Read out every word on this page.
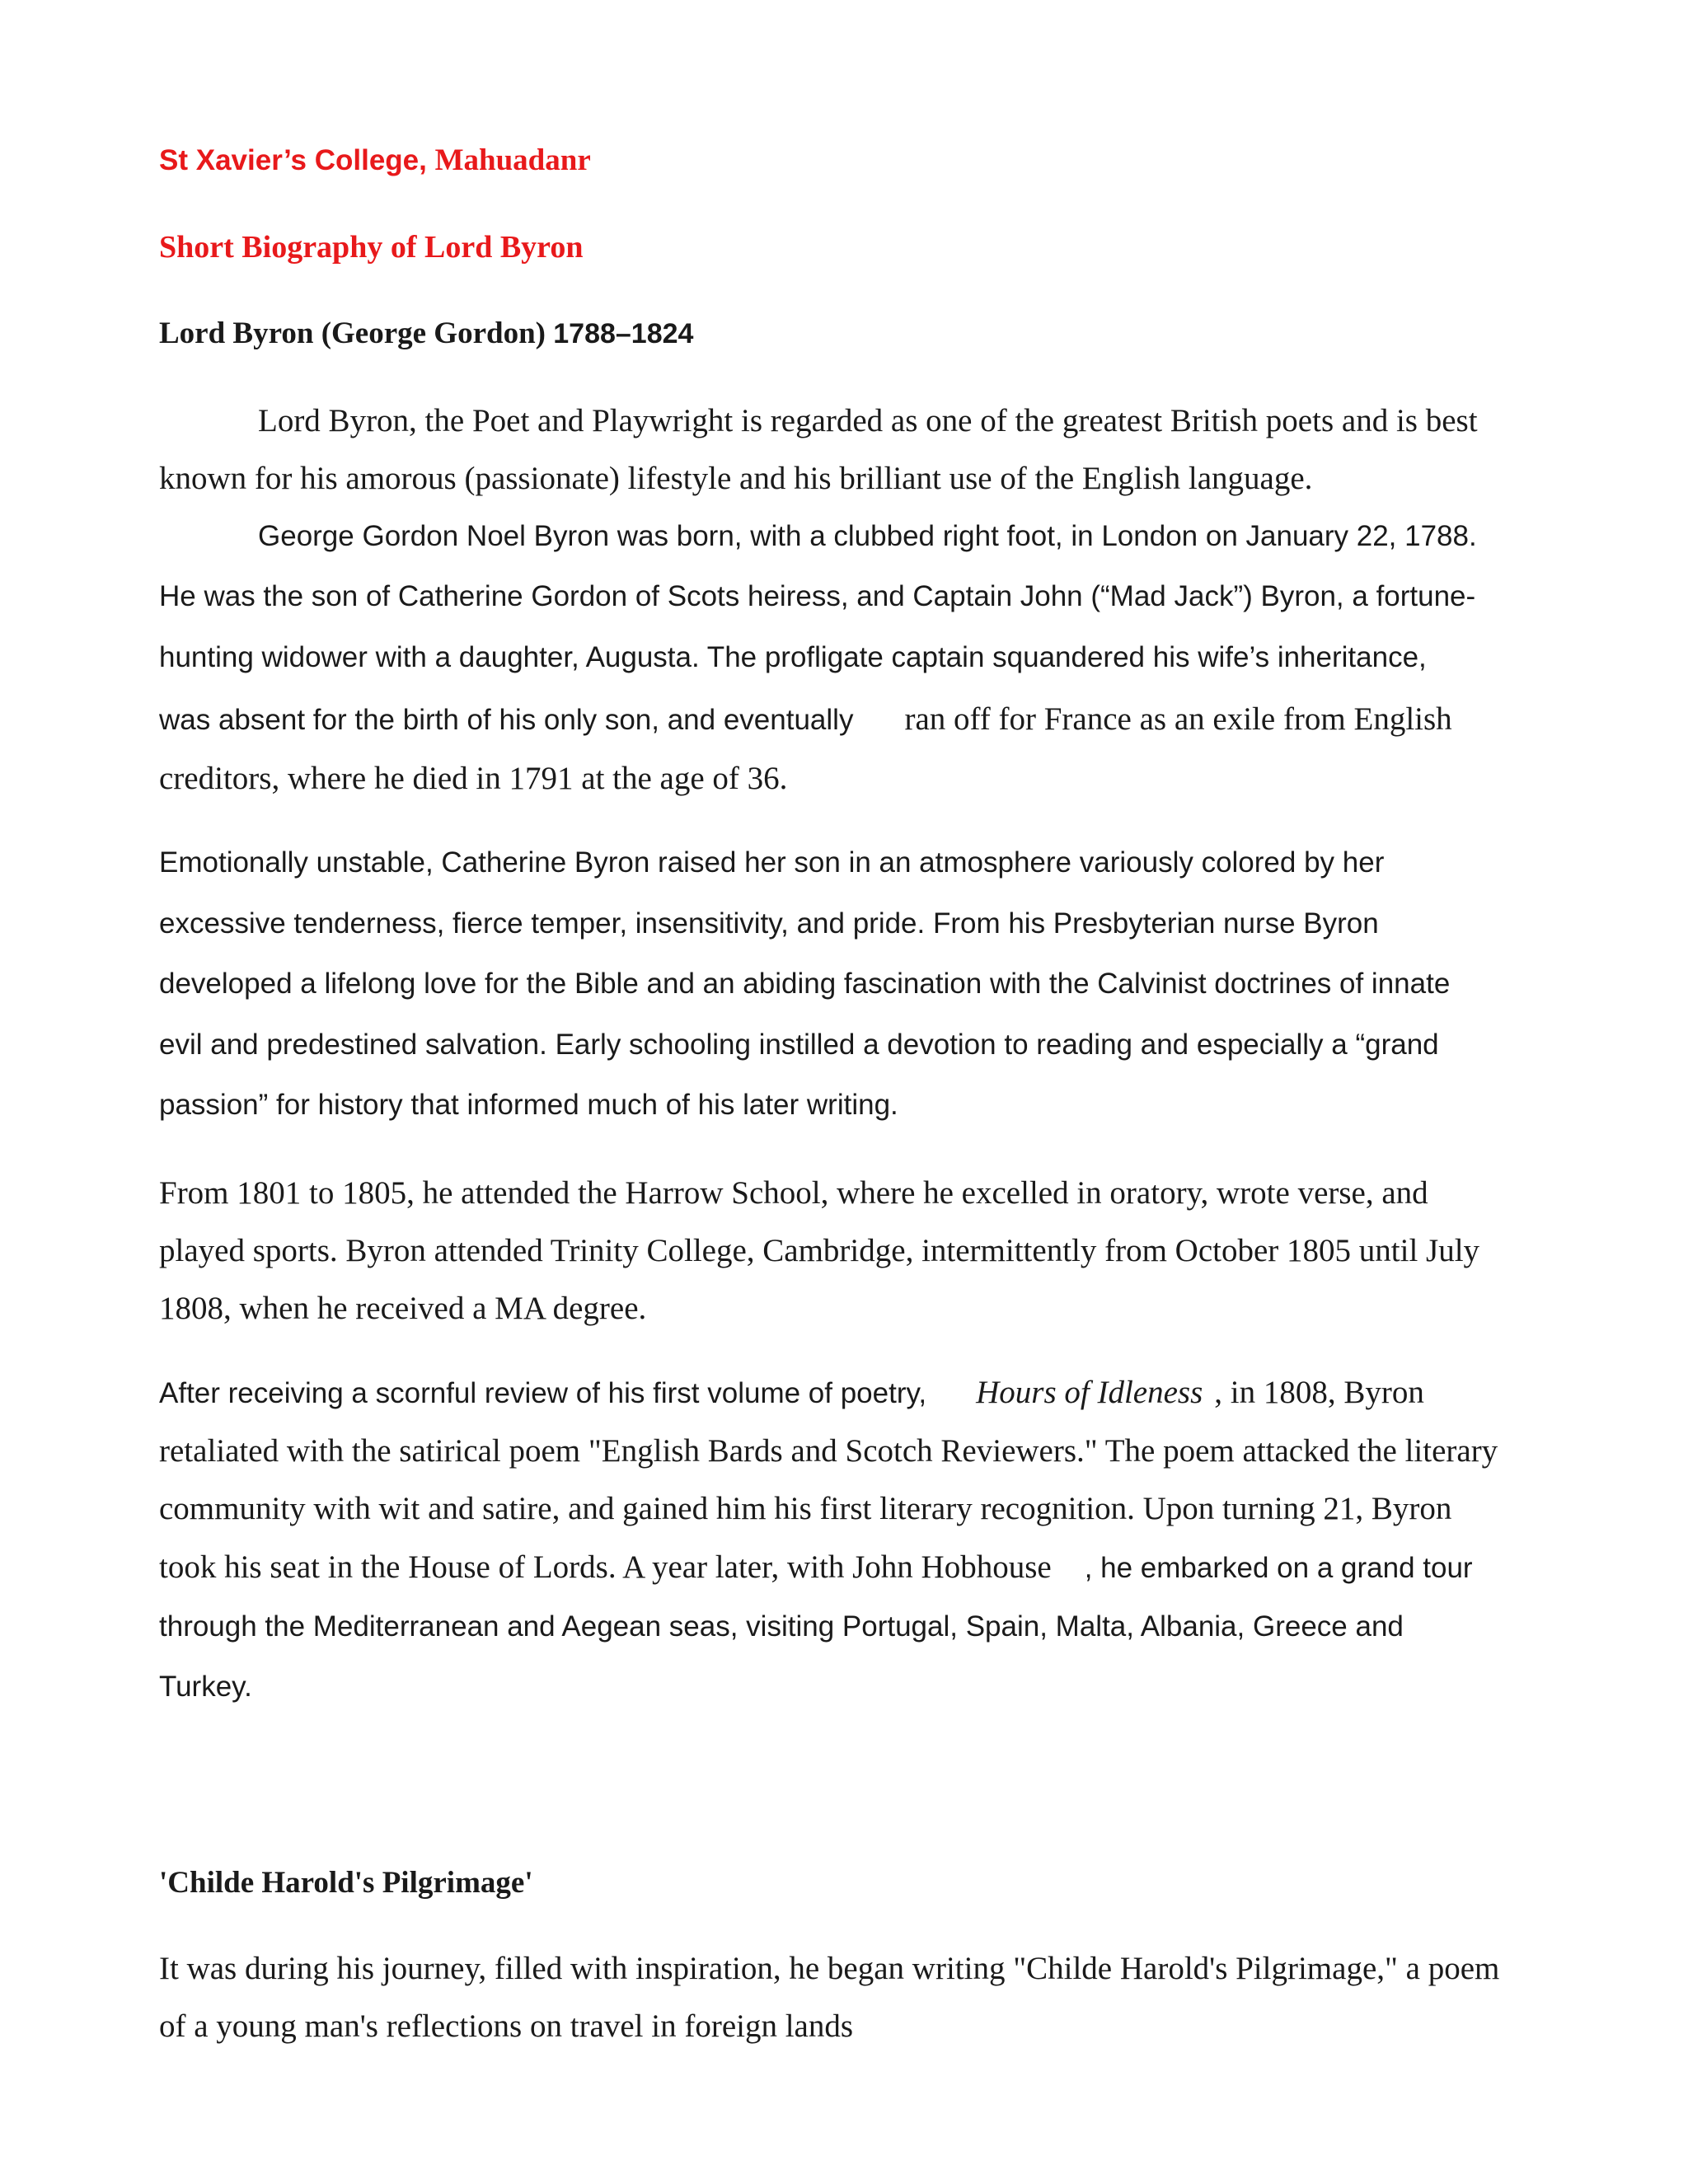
St Xavier’s College, Mahuadanr
Short Biography of Lord Byron
Lord Byron (George Gordon) 1788–1824
Lord Byron, the Poet and Playwright is regarded as one of the greatest British poets and is best
known for his amorous (passionate) lifestyle and his brilliant use of the English language.
George Gordon Noel Byron was born, with a clubbed right foot, in London on January 22, 1788.
He was the son of Catherine Gordon of Scots heiress, and Captain John (“Mad Jack”) Byron, a fortune-
hunting widower with a daughter, Augusta. The profligate captain squandered his wife’s inheritance,
was absent for the birth of his only son, and eventually ran off for France as an exile from English
creditors, where he died in 1791 at the age of 36.
Emotionally unstable, Catherine Byron raised her son in an atmosphere variously colored by her
excessive tenderness, fierce temper, insensitivity, and pride. From his Presbyterian nurse Byron
developed a lifelong love for the Bible and an abiding fascination with the Calvinist doctrines of innate
evil and predestined salvation. Early schooling instilled a devotion to reading and especially a “grand
passion” for history that informed much of his later writing.
From 1801 to 1805, he attended the Harrow School, where he excelled in oratory, wrote verse, and
played sports. Byron attended Trinity College, Cambridge, intermittently from October 1805 until July
1808, when he received a MA degree.
After receiving a scornful review of his first volume of poetry, Hours of Idleness , in 1808, Byron
retaliated with the satirical poem "English Bards and Scotch Reviewers." The poem attacked the literary
community with wit and satire, and gained him his first literary recognition. Upon turning 21, Byron
took his seat in the House of Lords. A year later, with John Hobhouse , he embarked on a grand tour
through the Mediterranean and Aegean seas, visiting Portugal, Spain, Malta, Albania, Greece and
Turkey.
'Childe Harold's Pilgrimage'
It was during his journey, filled with inspiration, he began writing "Childe Harold's Pilgrimage," a poem
of a young man's reflections on travel in foreign lands
